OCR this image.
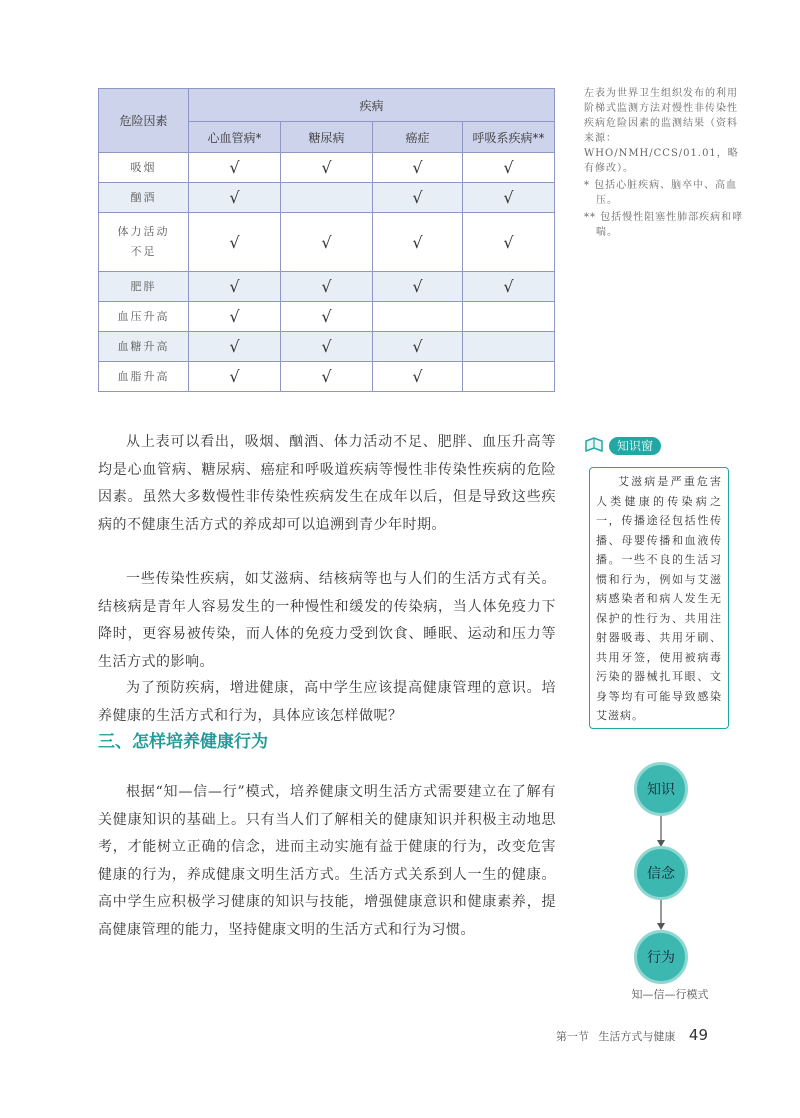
危险因素	疾病			
	心血管病*	糖尿病	癌症	呼吸系疾病**
吸烟	√	√	√	√
酗酒	√		√	√
体力活动不足	√	√	√	√
肥胖	√	√	√	√
血压升高	√	√		
血糖升高	√	√	√	
血脂升高	√	√	√	

左表为世界卫生组织发布的利用阶梯式监测方法对慢性非传染性疾病危险因素的监测结果（资料来源：WHO/NMH/CCS/01.01，略有修改）。

* 包括心脏疾病、脑卒中、高血压。

** 包括慢性阻塞性肺部疾病和哮喘。

从上表可以看出，吸烟、酗酒、体力活动不足、肥胖、血压升高等均是心血管病、糖尿病、癌症和呼吸道疾病等慢性非传染性疾病的危险因素。虽然大多数慢性非传染性疾病发生在成年以后，但是导致这些疾病的不健康生活方式的养成却可以追溯到青少年时期。

一些传染性疾病，如艾滋病、结核病等也与人们的生活方式有关。结核病是青年人容易发生的一种慢性和缓发的传染病，当人体免疫力下降时，更容易被传染，而人体的免疫力受到饮食、睡眠、运动和压力等生活方式的影响。

为了预防疾病，增进健康，高中学生应该提高健康管理的意识。培养健康的生活方式和行为，具体应该怎样做呢？

三、怎样培养健康行为

根据“知—信—行”模式，培养健康文明生活方式需要建立在了解有关健康知识的基础上。只有当人们了解相关的健康知识并积极主动地思考，才能树立正确的信念，进而主动实施有益于健康的行为，改变危害健康的行为，养成健康文明生活方式。生活方式关系到人一生的健康。高中学生应积极学习健康的知识与技能，增强健康意识和健康素养，提高健康管理的能力，坚持健康文明的生活方式和行为习惯。

知识窗
艾滋病是严重危害人类健康的传染病之一，传播途径包括性传播、母婴传播和血液传播。一些不良的生活习惯和行为，例如与艾滋病感染者和病人发生无保护的性行为、共用注射器吸毒、共用牙刷、共用牙签，使用被病毒污染的器械扎耳眼、文身等均有可能导致感染艾滋病。
知识
信念
行为
知—信—行模式
第一节 生活方式与健康 49
